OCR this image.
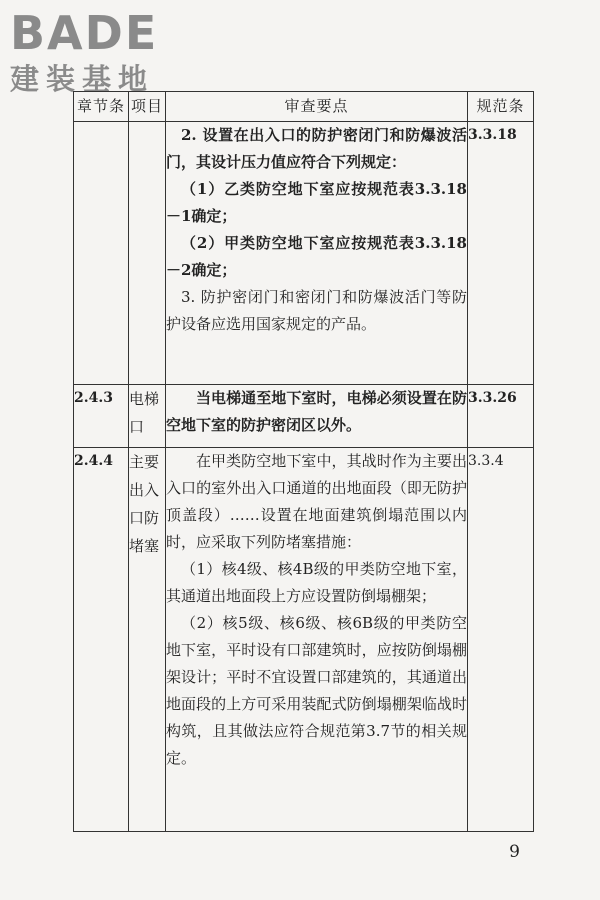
BADE
建装基地
章节条	项目	审查要点	规范条

		2. 设置在出入口的防护密闭门和防爆波活门，其设计压力值应符合下列规定：

（1）乙类防空地下室应按规范表3.3.18－1确定；

（2）甲类防空地下室应按规范表3.3.18－2确定；

3. 防护密闭门和密闭门和防爆波活门等防护设备应选用国家规定的产品。	3.3.18
2.4.3	电梯口	当电梯通至地下室时，电梯必须设置在防空地下室的防护密闭区以外。	3.3.26
2.4.4	主要出入口防堵塞	在甲类防空地下室中，其战时作为主要出入口的室外出入口通道的出地面段（即无防护顶盖段）……设置在地面建筑倒塌范围以内时，应采取下列防堵塞措施：

（1）核4级、核4B级的甲类防空地下室，其通道出地面段上方应设置防倒塌棚架；

（2）核5级、核6级、核6B级的甲类防空地下室，平时设有口部建筑时，应按防倒塌棚架设计；平时不宜设置口部建筑的，其通道出地面段的上方可采用装配式防倒塌棚架临战时构筑，且其做法应符合规范第3.7节的相关规定。	3.3.4
9
